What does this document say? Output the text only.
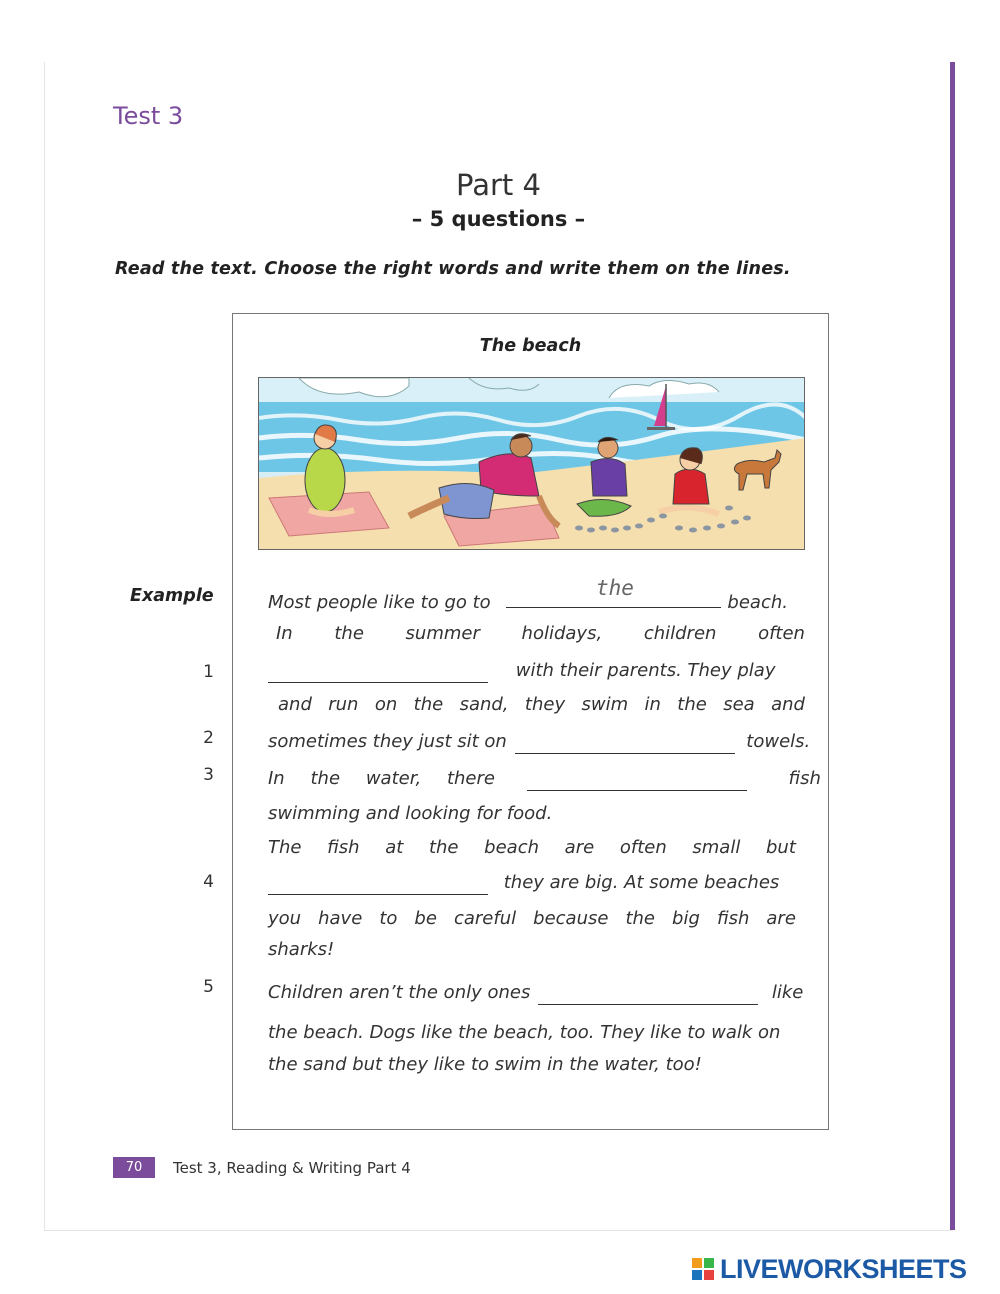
Test 3
Part 4
– 5 questions –
Read the text. Choose the right words and write them on the lines.
The beach
Example
1
2
3
4
5
Most people like to go to	beach.
the
In the summer holidays, children often
with their parents. They play
and run on the sand, they swim in the sea and
sometimes they just sit on	towels.
In the water, there	fish
swimming and looking for food.
The fish at the beach are often small but
they are big. At some beaches
you have to be careful because the big fish are
sharks!
Children aren’t the only ones	like
the beach. Dogs like the beach, too. They like to walk on
the sand but they like to swim in the water, too!
70	Test 3, Reading & Writing Part 4
LIVEWORKSHEETS
